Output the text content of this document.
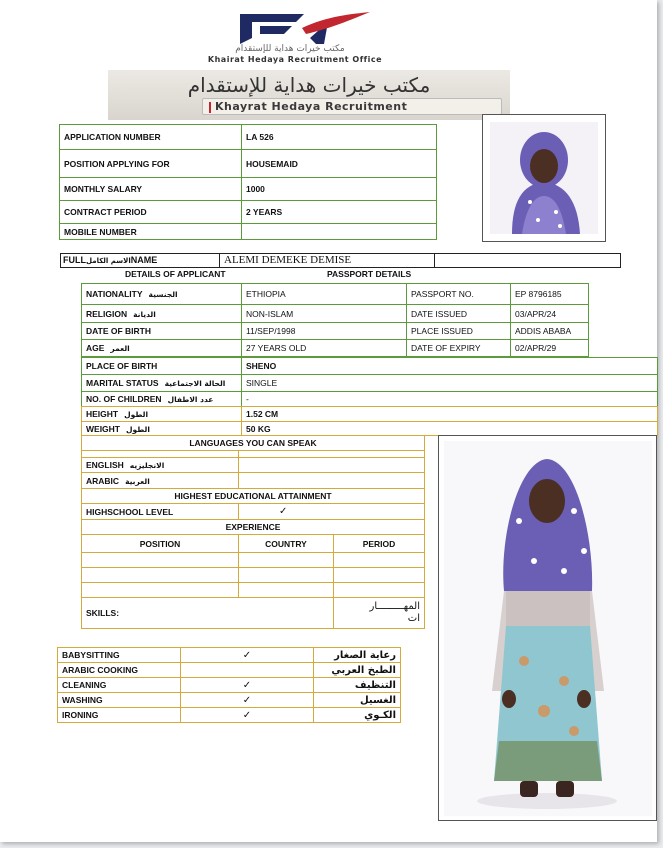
مكتب خيرات هداية للإستقدام
Khairat Hedaya Recruitment Office
مكتب خيرات هداية للإستقدام
Khayrat Hedaya Recruitment
APPLICATION NUMBER	LA 526
POSITION APPLYING FOR	HOUSEMAID
MONTHLY SALARY	1000
CONTRACT PERIOD	2 YEARS
MOBILE NUMBER	
FULLالاسم الكاملNAME	ALEMI DEMEKE DEMISE
DETAILS OF APPLICANT	PASSPORT DETAILS
NATIONALITY الجنسية	ETHIOPIA	PASSPORT NO.	EP 8796185
RELIGION الديانة	NON-ISLAM	DATE ISSUED	03/APR/24
DATE OF BIRTH	11/SEP/1998	PLACE ISSUED	ADDIS ABABA
AGE العمر	27 YEARS OLD	DATE OF EXPIRY	02/APR/29
PLACE OF BIRTH	SHENO
MARITAL STATUS الحالة الاجتماعية	SINGLE
NO. OF CHILDREN عدد الاطفال	-
HEIGHT الطول	1.52 CM
WEIGHT الطول	50 KG
LANGUAGES YOU CAN SPEAK		

ENGLISH الانجليزيه		
ARABIC العربية		
HIGHEST EDUCATIONAL ATTAINMENT		
HIGHSCHOOL LEVEL	✓	
EXPERIENCE		
POSITION	COUNTRY	PERIOD

SKILLS:		المهـــــــــار
ات
BABYSITTING	✓	رعاية الصغار
ARABIC COOKING		الطبخ العربي
CLEANING	✓	التنظيف
WASHING	✓	الغسيل
IRONING	✓	الكـوي
